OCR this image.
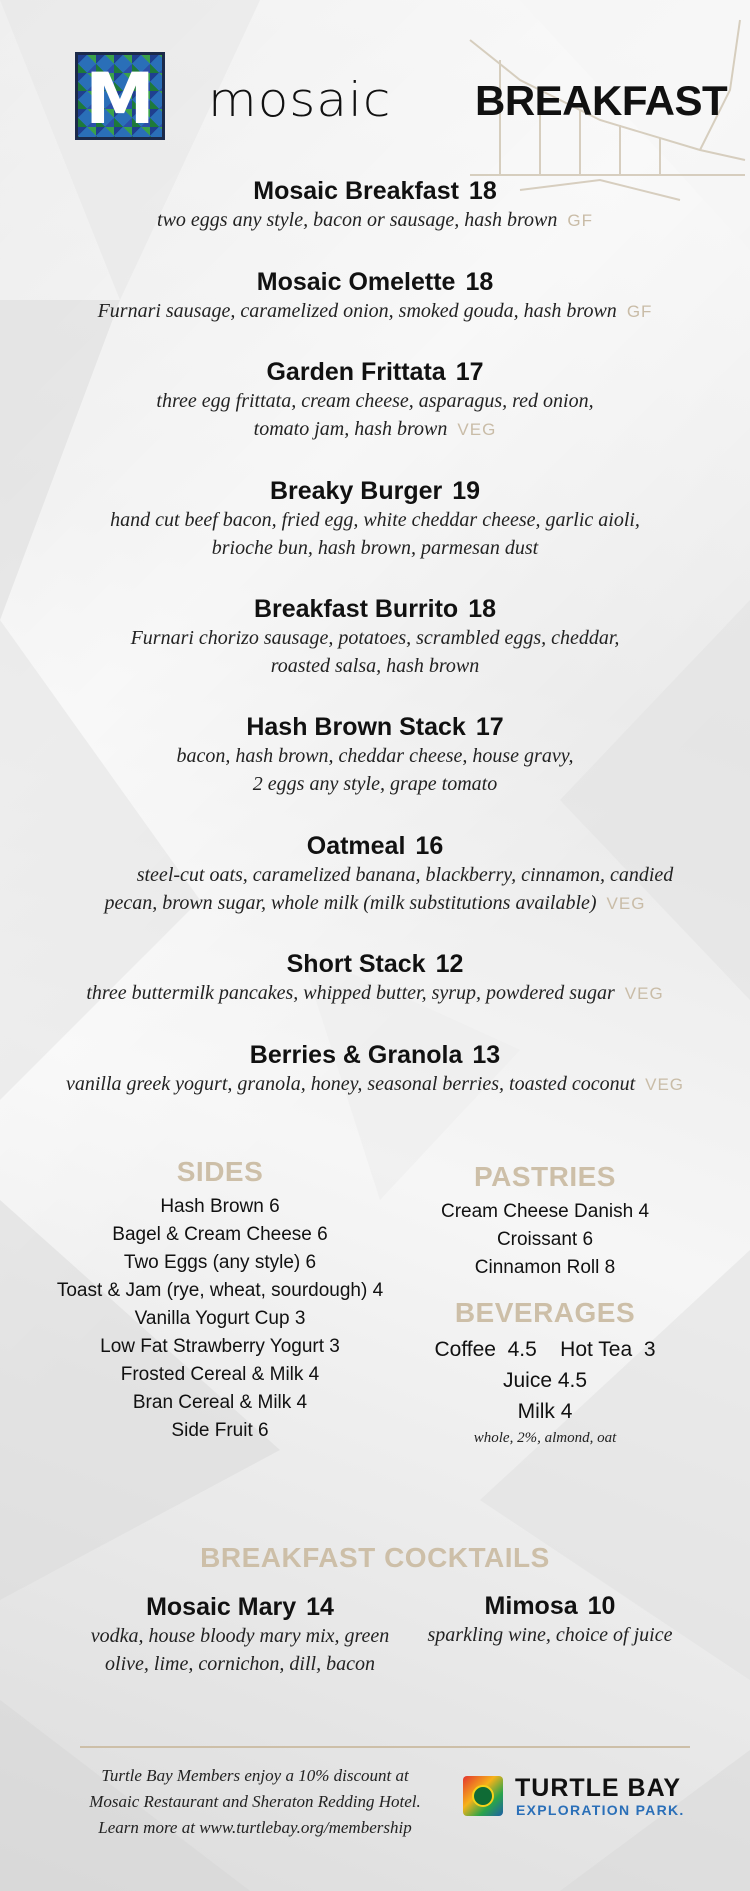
M mosaic BREAKFAST
Mosaic Breakfast 18
two eggs any style, bacon or sausage, hash brown GF
Mosaic Omelette 18
Furnari sausage, caramelized onion, smoked gouda, hash brown GF
Garden Frittata 17
three egg frittata, cream cheese, asparagus, red onion,
tomato jam, hash brown VEG
Breaky Burger 19
hand cut beef bacon, fried egg, white cheddar cheese, garlic aioli,
brioche bun, hash brown, parmesan dust
Breakfast Burrito 18
Furnari chorizo sausage, potatoes, scrambled eggs, cheddar,
roasted salsa, hash brown
Hash Brown Stack 17
bacon, hash brown, cheddar cheese, house gravy,
2 eggs any style, grape tomato
Oatmeal 16
steel-cut oats, caramelized banana, blackberry, cinnamon, candied
pecan, brown sugar, whole milk (milk substitutions available) VEG
Short Stack 12
three buttermilk pancakes, whipped butter, syrup, powdered sugar VEG
Berries & Granola 13
vanilla greek yogurt, granola, honey, seasonal berries, toasted coconut VEG
SIDES
Hash Brown 6
Bagel & Cream Cheese 6
Two Eggs (any style) 6
Toast & Jam (rye, wheat, sourdough) 4
Vanilla Yogurt Cup 3
Low Fat Strawberry Yogurt 3
Frosted Cereal & Milk 4
Bran Cereal & Milk 4
Side Fruit 6
PASTRIES
Cream Cheese Danish 4
Croissant 6
Cinnamon Roll 8
BEVERAGES
Coffee  4.5    Hot Tea  3
Juice 4.5
Milk 4
whole, 2%, almond, oat
BREAKFAST COCKTAILS
Mosaic Mary 14
vodka, house bloody mary mix, green
olive, lime, cornichon, dill, bacon
Mimosa 10
sparkling wine, choice of juice
Turtle Bay Members enjoy a 10% discount at
Mosaic Restaurant and Sheraton Redding Hotel.
Learn more at www.turtlebay.org/membership
TURTLE BAY
EXPLORATION PARK.
